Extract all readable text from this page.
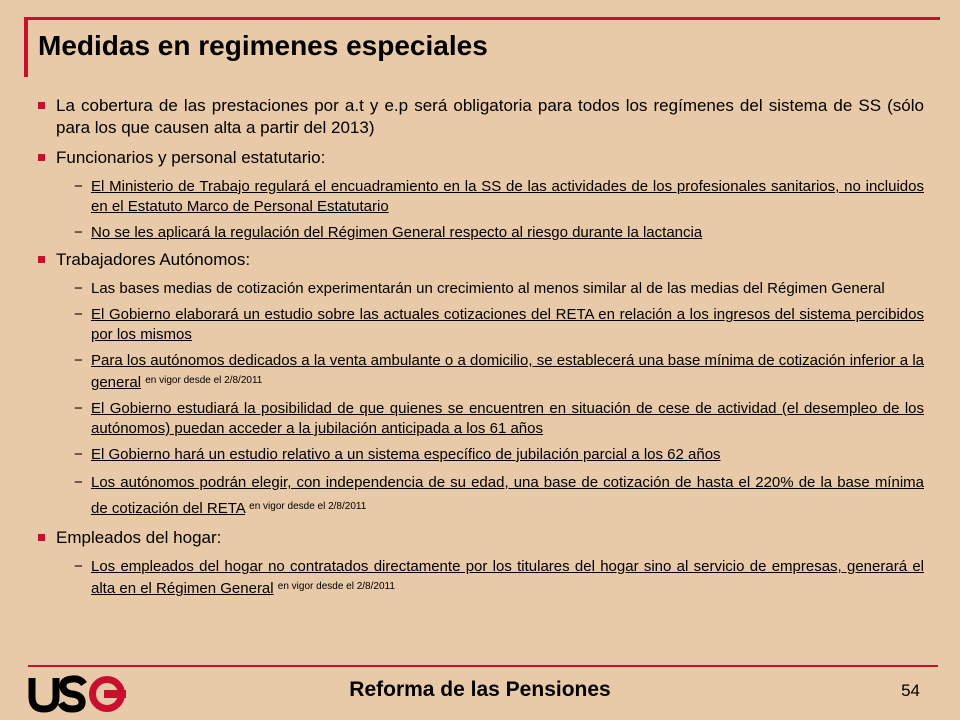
Medidas en regimenes especiales
La cobertura de las prestaciones por a.t y e.p será obligatoria para todos los regímenes del sistema de SS (sólo para los que causen alta a partir del 2013)
Funcionarios y personal estatutario:
− El Ministerio de Trabajo regulará el encuadramiento en la SS de las actividades de los profesionales sanitarios, no incluidos en el Estatuto Marco de Personal Estatutario
− No se les aplicará la regulación del Régimen General respecto al riesgo durante la lactancia
Trabajadores Autónomos:
− Las bases medias de cotización experimentarán un crecimiento al menos similar al de las medias del Régimen General
− El Gobierno elaborará un estudio sobre las actuales cotizaciones del RETA en relación a los ingresos del sistema percibidos por los mismos
− Para los autónomos dedicados a la venta ambulante o a domicilio, se establecerá una base mínima de cotización inferior a la general $^{en vigor desde el 2/8/2011}$
− El Gobierno estudiará la posibilidad de que quienes se encuentren en situación de cese de actividad (el desempleo de los autónomos) puedan acceder a la jubilación anticipada a los 61 años
− El Gobierno hará un estudio relativo a un sistema específico de jubilación parcial a los 62 años
− Los autónomos podrán elegir, con independencia de su edad, una base de cotización de hasta el 220% de la base mínima de cotización del RETA $^{en vigor desde el 2/8/2011}$
Empleados del hogar:
− Los empleados del hogar no contratados directamente por los titulares del hogar sino al servicio de empresas, generará el alta en el Régimen General $^{en vigor desde el 2/8/2011}$
Reforma de las Pensiones	54
